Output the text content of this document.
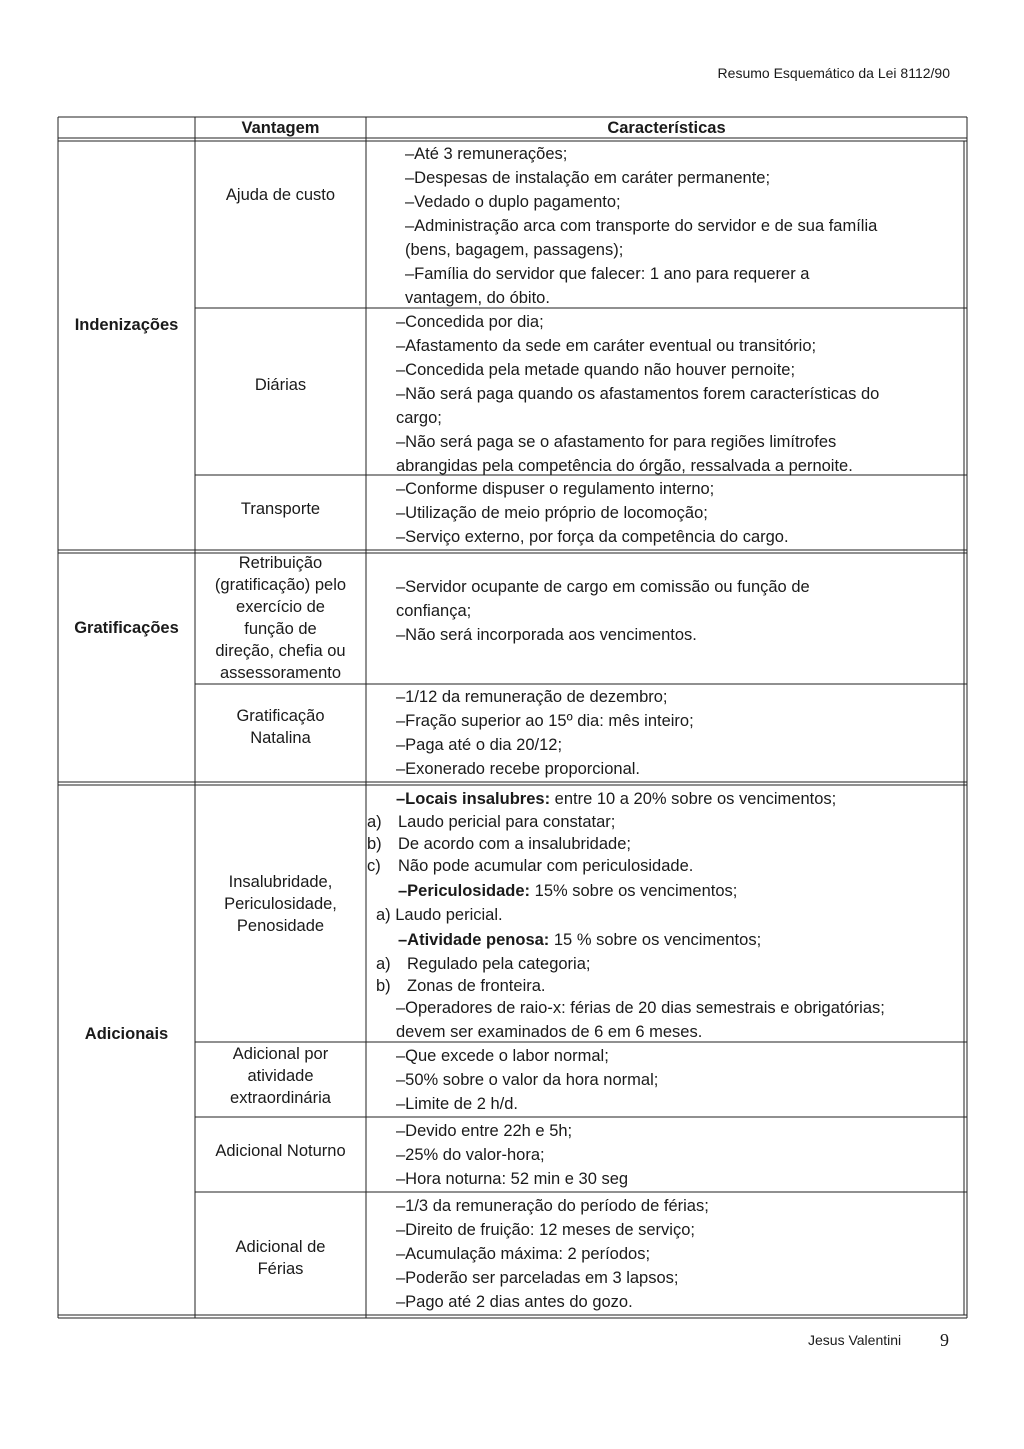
Resumo Esquemático da Lei 8112/90
Vantagem	Características
Indenizações
Gratificações
Adicionais
Ajuda de custo
Diárias
Transporte
Retribuição
(gratificação) pelo
exercício de
função de
direção, chefia ou
assessoramento
Gratificação
Natalina
Insalubridade,
Periculosidade,
Penosidade
Adicional por
atividade
extraordinária
Adicional Noturno
Adicional de
Férias
–Até 3 remunerações;
–Despesas de instalação em caráter permanente;
–Vedado o duplo pagamento;
–Administração arca com transporte do servidor e de sua família
(bens, bagagem, passagens);
–Família do servidor que falecer: 1 ano para requerer a
vantagem, do óbito.
–Concedida por dia;
–Afastamento da sede em caráter eventual ou transitório;
–Concedida pela metade quando não houver pernoite;
–Não será paga quando os afastamentos forem características do
cargo;
–Não será paga se o afastamento for para regiões limítrofes
abrangidas pela competência do órgão, ressalvada a pernoite.
–Conforme dispuser o regulamento interno;
–Utilização de meio próprio de locomoção;
–Serviço externo, por força da competência do cargo.
–Servidor ocupante de cargo em comissão ou função de
confiança;
–Não será incorporada aos vencimentos.
–1/12 da remuneração de dezembro;
–Fração superior ao 15º dia: mês inteiro;
–Paga até o dia 20/12;
–Exonerado recebe proporcional.
–Locais insalubres: entre 10 a 20% sobre os vencimentos;
a) Laudo pericial para constatar;
b) De acordo com a insalubridade;
c) Não pode acumular com periculosidade.
–Periculosidade: 15% sobre os vencimentos;
a) Laudo pericial.
–Atividade penosa: 15 % sobre os vencimentos;
a) Regulado pela categoria;
b) Zonas de fronteira.
–Operadores de raio-x: férias de 20 dias semestrais e obrigatórias;
devem ser examinados de 6 em 6 meses.
–Que excede o labor normal;
–50% sobre o valor da hora normal;
–Limite de 2 h/d.
–Devido entre 22h e 5h;
–25% do valor-hora;
–Hora noturna: 52 min e 30 seg
–1/3 da remuneração do período de férias;
–Direito de fruição: 12 meses de serviço;
–Acumulação máxima: 2 períodos;
–Poderão ser parceladas em 3 lapsos;
–Pago até 2 dias antes do gozo.
Jesus Valentini 9
